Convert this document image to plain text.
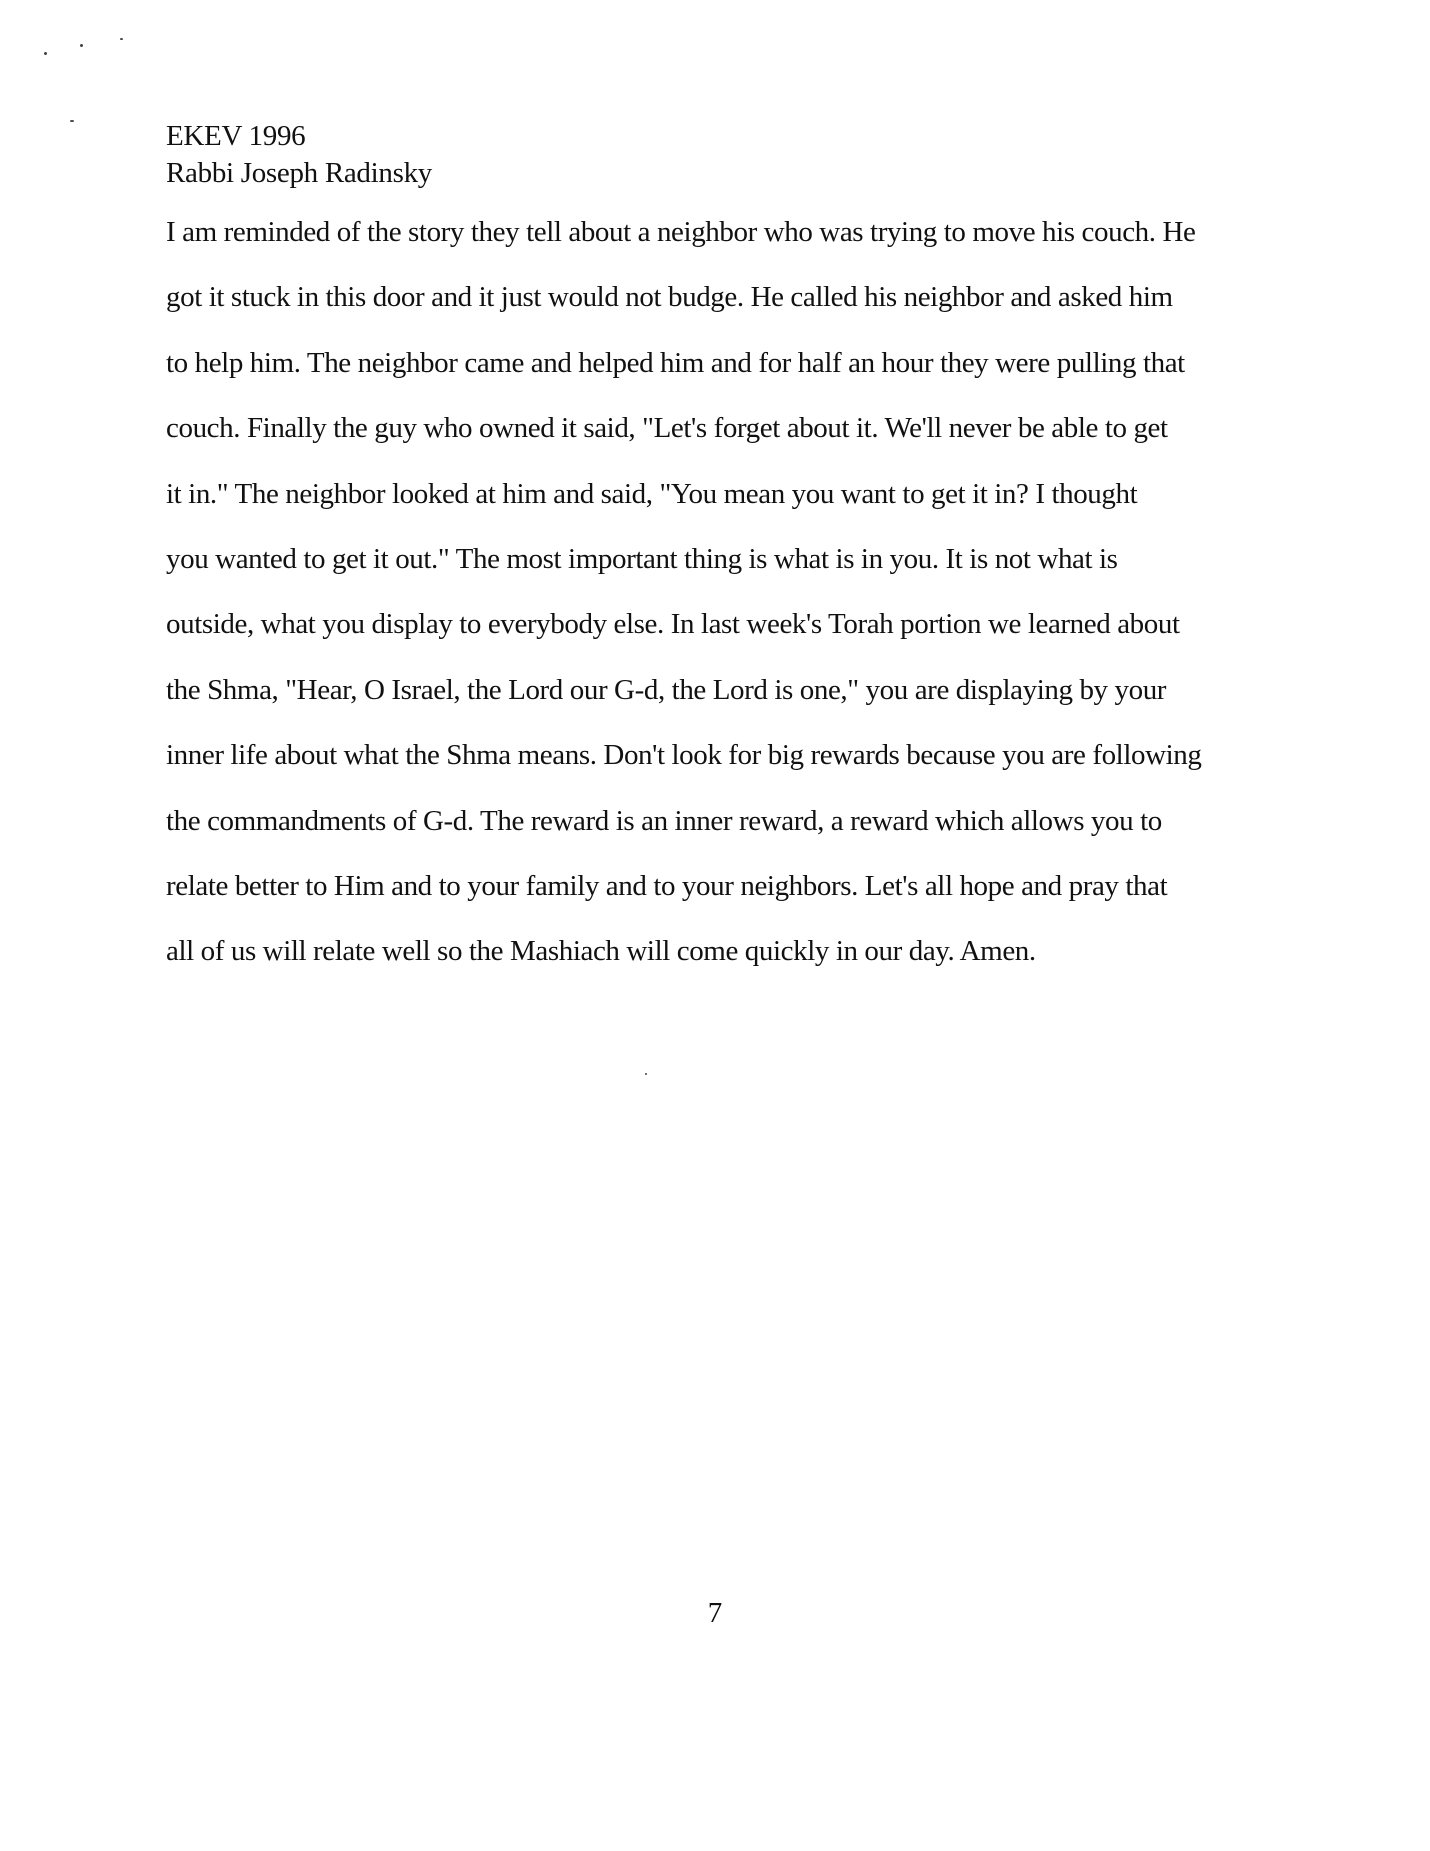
EKEV 1996
Rabbi Joseph Radinsky
I am reminded of the story they tell about a neighbor who was trying to move his couch. He
got it stuck in this door and it just would not budge. He called his neighbor and asked him
to help him. The neighbor came and helped him and for half an hour they were pulling that
couch. Finally the guy who owned it said, "Let's forget about it. We'll never be able to get
it in." The neighbor looked at him and said, "You mean you want to get it in? I thought
you wanted to get it out." The most important thing is what is in you. It is not what is
outside, what you display to everybody else. In last week's Torah portion we learned about
the Shma, "Hear, O Israel, the Lord our G-d, the Lord is one," you are displaying by your
inner life about what the Shma means. Don't look for big rewards because you are following
the commandments of G-d. The reward is an inner reward, a reward which allows you to
relate better to Him and to your family and to your neighbors. Let's all hope and pray that
all of us will relate well so the Mashiach will come quickly in our day. Amen.
7
